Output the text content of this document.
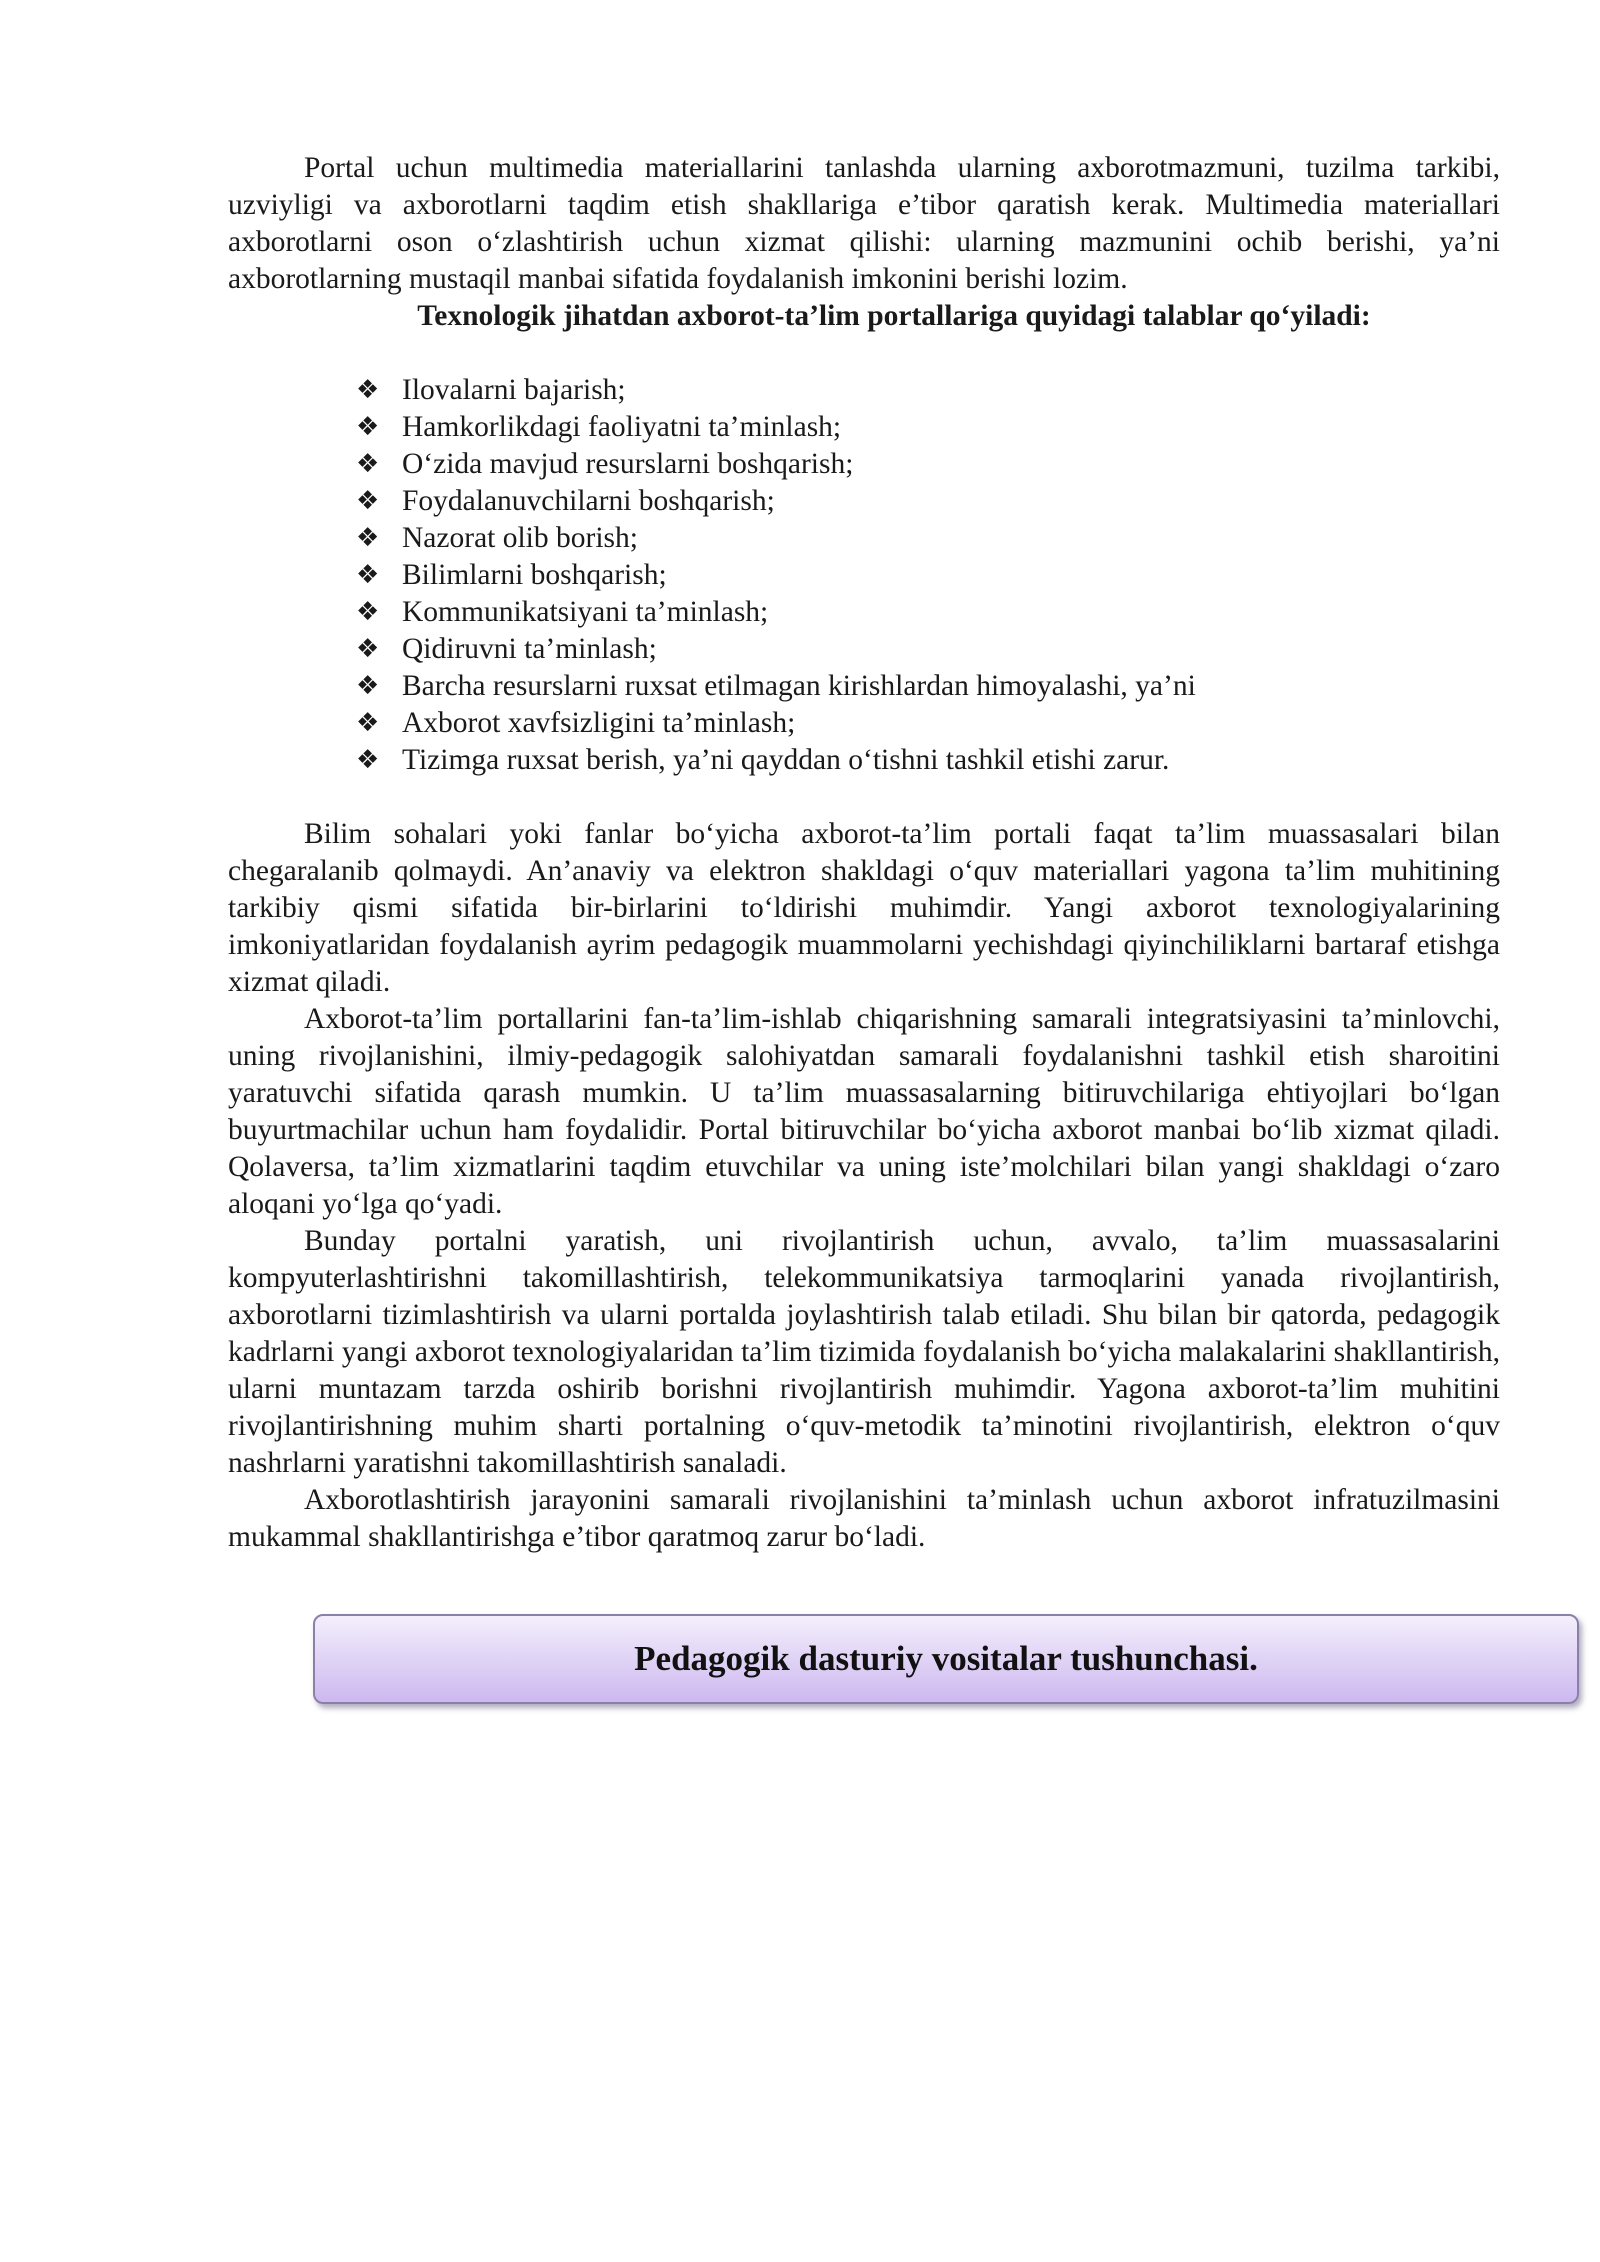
Portal uchun multimedia materiallarini tanlashda ularning axborotmazmuni, tuzilma tarkibi, uzviyligi va axborotlarni taqdim etish shakllariga e’tibor qaratish kerak. Multimedia materiallari axborotlarni oson o‘zlashtirish uchun xizmat qilishi: ularning mazmunini ochib berishi, ya’ni axborotlarning mustaqil manbai sifatida foydalanish imkonini berishi lozim.

Texnologik jihatdan axborot-ta’lim portallariga quyidagi talablar qo‘yiladi:

❖ Ilovalarni bajarish;
❖ Hamkorlikdagi faoliyatni ta’minlash;
❖ O‘zida mavjud resurslarni boshqarish;
❖ Foydalanuvchilarni boshqarish;
❖ Nazorat olib borish;
❖ Bilimlarni boshqarish;
❖ Kommunikatsiyani ta’minlash;
❖ Qidiruvni ta’minlash;
❖ Barcha resurslarni ruxsat etilmagan kirishlardan himoyalashi, ya’ni
❖ Axborot xavfsizligini ta’minlash;
❖ Tizimga ruxsat berish, ya’ni qayddan o‘tishni tashkil etishi zarur.

Bilim sohalari yoki fanlar bo‘yicha axborot-ta’lim portali faqat ta’lim muassasalari bilan chegaralanib qolmaydi. An’anaviy va elektron shakldagi o‘quv materiallari yagona ta’lim muhitining tarkibiy qismi sifatida bir-birlarini to‘ldirishi muhimdir. Yangi axborot texnologiyalarining imkoniyatlaridan foydalanish ayrim pedagogik muammolarni yechishdagi qiyinchiliklarni bartaraf etishga xizmat qiladi.

Axborot-ta’lim portallarini fan-ta’lim-ishlab chiqarishning samarali integratsiyasini ta’minlovchi, uning rivojlanishini, ilmiy-pedagogik salohiyatdan samarali foydalanishni tashkil etish sharoitini yaratuvchi sifatida qarash mumkin. U ta’lim muassasalarning bitiruvchilariga ehtiyojlari bo‘lgan buyurtmachilar uchun ham foydalidir. Portal bitiruvchilar bo‘yicha axborot manbai bo‘lib xizmat qiladi. Qolaversa, ta’lim xizmatlarini taqdim etuvchilar va uning iste’molchilari bilan yangi shakldagi o‘zaro aloqani yo‘lga qo‘yadi.

Bunday portalni yaratish, uni rivojlantirish uchun, avvalo, ta’lim muassasalarini kompyuterlashtirishni takomillashtirish, telekommunikatsiya tarmoqlarini yanada rivojlantirish, axborotlarni tizimlashtirish va ularni portalda joylashtirish talab etiladi. Shu bilan bir qatorda, pedagogik kadrlarni yangi axborot texnologiyalaridan ta’lim tizimida foydalanish bo‘yicha malakalarini shakllantirish, ularni muntazam tarzda oshirib borishni rivojlantirish muhimdir. Yagona axborot-ta’lim muhitini rivojlantirishning muhim sharti portalning o‘quv-metodik ta’minotini rivojlantirish, elektron o‘quv nashrlarni yaratishni takomillashtirish sanaladi.

Axborotlashtirish jarayonini samarali rivojlanishini ta’minlash uchun axborot infratuzilmasini mukammal shakllantirishga e’tibor qaratmoq zarur bo‘ladi.

Pedagogik dasturiy vositalar tushunchasi.
